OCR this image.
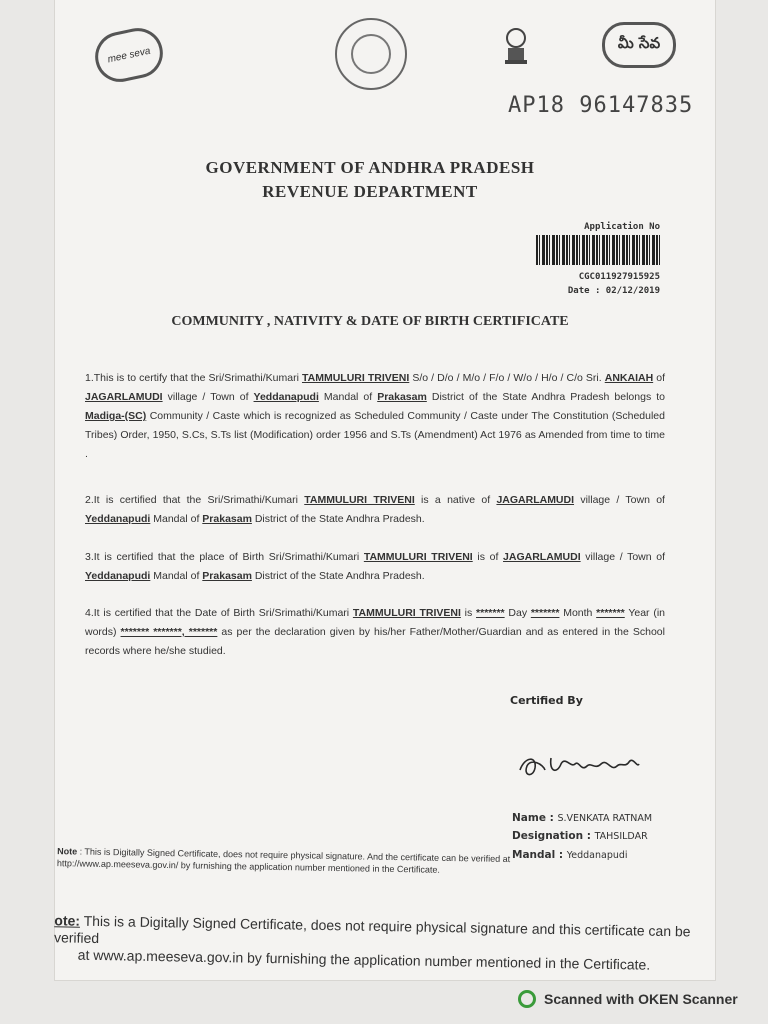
mee seva
మీ సేవ
AP18 96147835
GOVERNMENT OF ANDHRA PRADESH
REVENUE DEPARTMENT
Application No
CGC011927915925
Date : 02/12/2019
COMMUNITY , NATIVITY & DATE OF BIRTH CERTIFICATE
1.This is to certify that the Sri/Srimathi/Kumari TAMMULURI TRIVENI S/o / D/o / M/o / F/o / W/o / H/o / C/o Sri. ANKAIAH of JAGARLAMUDI village / Town of Yeddanapudi Mandal of Prakasam District of the State Andhra Pradesh belongs to Madiga-(SC) Community / Caste which is recognized as Scheduled Community / Caste under The Constitution (Scheduled Tribes) Order, 1950, S.Cs, S.Ts list (Modification) order 1956 and S.Ts (Amendment) Act 1976 as Amended from time to time .
2.It is certified that the Sri/Srimathi/Kumari TAMMULURI TRIVENI is a native of JAGARLAMUDI village / Town of Yeddanapudi Mandal of Prakasam District of the State Andhra Pradesh.
3.It is certified that the place of Birth Sri/Srimathi/Kumari TAMMULURI TRIVENI is of JAGARLAMUDI village / Town of Yeddanapudi Mandal of Prakasam District of the State Andhra Pradesh.
4.It is certified that the Date of Birth Sri/Srimathi/Kumari TAMMULURI TRIVENI is ******* Day ******* Month ******* Year (in words) ******* *******, ******* as per the declaration given by his/her Father/Mother/Guardian and as entered in the School records where he/she studied.
Certified By
Name : S.VENKATA RATNAM
Designation : TAHSILDAR
Mandal : Yeddanapudi
Note : This is Digitally Signed Certificate, does not require physical signature. And the certificate can be verified at http://www.ap.meeseva.gov.in/ by furnishing the application number mentioned in the Certificate.
ote: This is a Digitally Signed Certificate, does not require physical signature and this certificate can be verified
at www.ap.meeseva.gov.in by furnishing the application number mentioned in the Certificate.
Scanned with OKEN Scanner
